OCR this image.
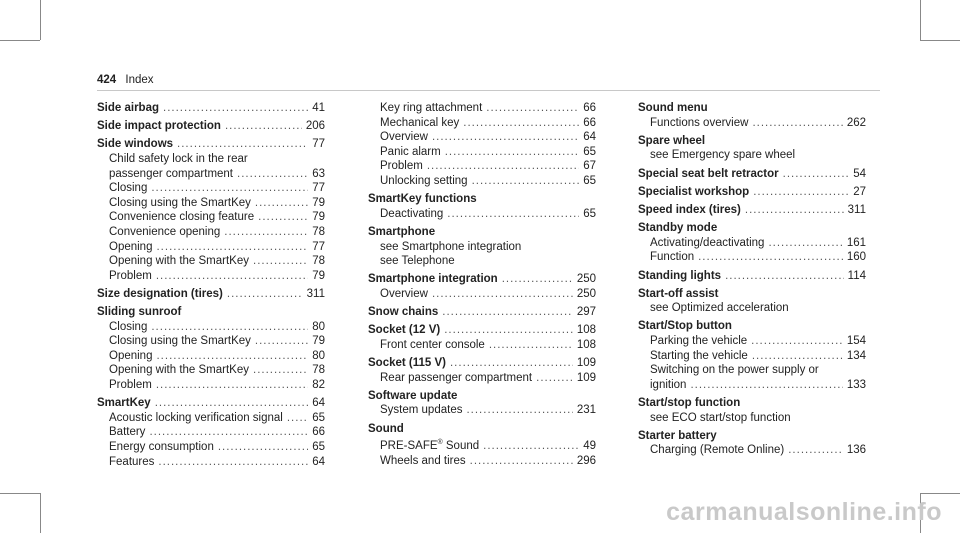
424 Index
Side airbag .....	41
Side impact protection .....	206
Side windows .....	77
Child safety lock in the rear
passenger compartment .....	63
Closing .....	77
Closing using the SmartKey .....	79
Convenience closing feature .....	79
Convenience opening .....	78
Opening .....	77
Opening with the SmartKey .....	78
Problem .....	79
Size designation (tires) .....	311
Sliding sunroof
Closing .....	80
Closing using the SmartKey .....	79
Opening .....	80
Opening with the SmartKey .....	78
Problem .....	82
SmartKey .....	64
Acoustic locking verification signal .....	65
Battery .....	66
Energy consumption .....	65
Features .....	64
Key ring attachment .....	66
Mechanical key .....	66
Overview .....	64
Panic alarm .....	65
Problem .....	67
Unlocking setting .....	65
SmartKey functions
Deactivating .....	65
Smartphone
see Smartphone integration
see Telephone
Smartphone integration .....	250
Overview .....	250
Snow chains .....	297
Socket (12 V) .....	108
Front center console .....	108
Socket (115 V) .....	109
Rear passenger compartment .....	109
Software update
System updates .....	231
Sound
PRE-SAFE® Sound .....	49
Wheels and tires .....	296
Sound menu
Functions overview .....	262
Spare wheel
see Emergency spare wheel
Special seat belt retractor .....	54
Specialist workshop .....	27
Speed index (tires) .....	311
Standby mode
Activating/deactivating .....	161
Function .....	160
Standing lights .....	114
Start-off assist
see Optimized acceleration
Start/Stop button
Parking the vehicle .....	154
Starting the vehicle .....	134
Switching on the power supply or
ignition .....	133
Start/stop function
see ECO start/stop function
Starter battery
Charging (Remote Online) .....	136
carmanualsonline.info
